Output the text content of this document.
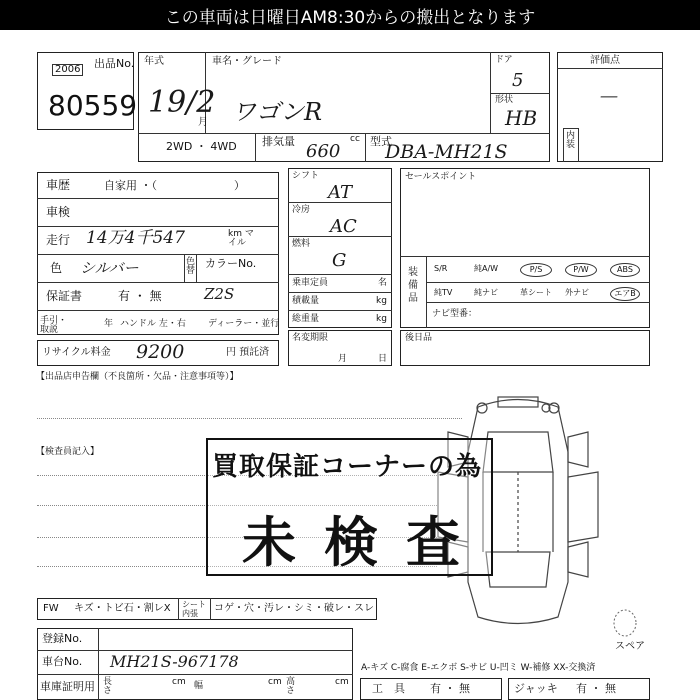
この車両は日曜日AM8:30からの搬出となります
出品No.
2006
80559
年式
19/2
月
車名・グレード
ワゴンR
ドア
5
形状
HB
2WD ・ 4WD 排気量	cc
660	型式
DBA-MH21S
評価点
－
内装
車歴	自家用 ・（　　　　　　　）
車検
走行 14万4千547	km マイル
色 シルバー	色替
カラーNo.
保証書	有 ・ 無	Z2S
手引・取説
年 ハンドル 左・右 ディーラー・並行
リサイクル料金 9200	円 預託済
シフト
AT
冷房
AC
燃料
G
乗車定員	名
積載量	kg
総重量	kg
名変期限
月	日
セールスポイント
装備品
ナビ型番：
後日品
【出品店申告欄（不良箇所・欠品・注意事項等）】
【検査員記入】
スペア
買取保証コーナーの為
未検査
FW キズ・トビ石・割レX シート 内張	コゲ・穴・汚レ・シミ・破レ・スレ
登録No.
車台No. MH21S-967178
車庫証明用 長さ
cm 幅	cm 高さ
cm
A-キズ C-腐食 E-エクボ S-サビ U-凹ミ W-補修 XX-交換済
工　具 有 ・ 無	ジャッキ 有 ・ 無
S/R	純A/W	P/S	P/W	ABS
純TV	純ナビ	革シート 外ナビ	エアB
